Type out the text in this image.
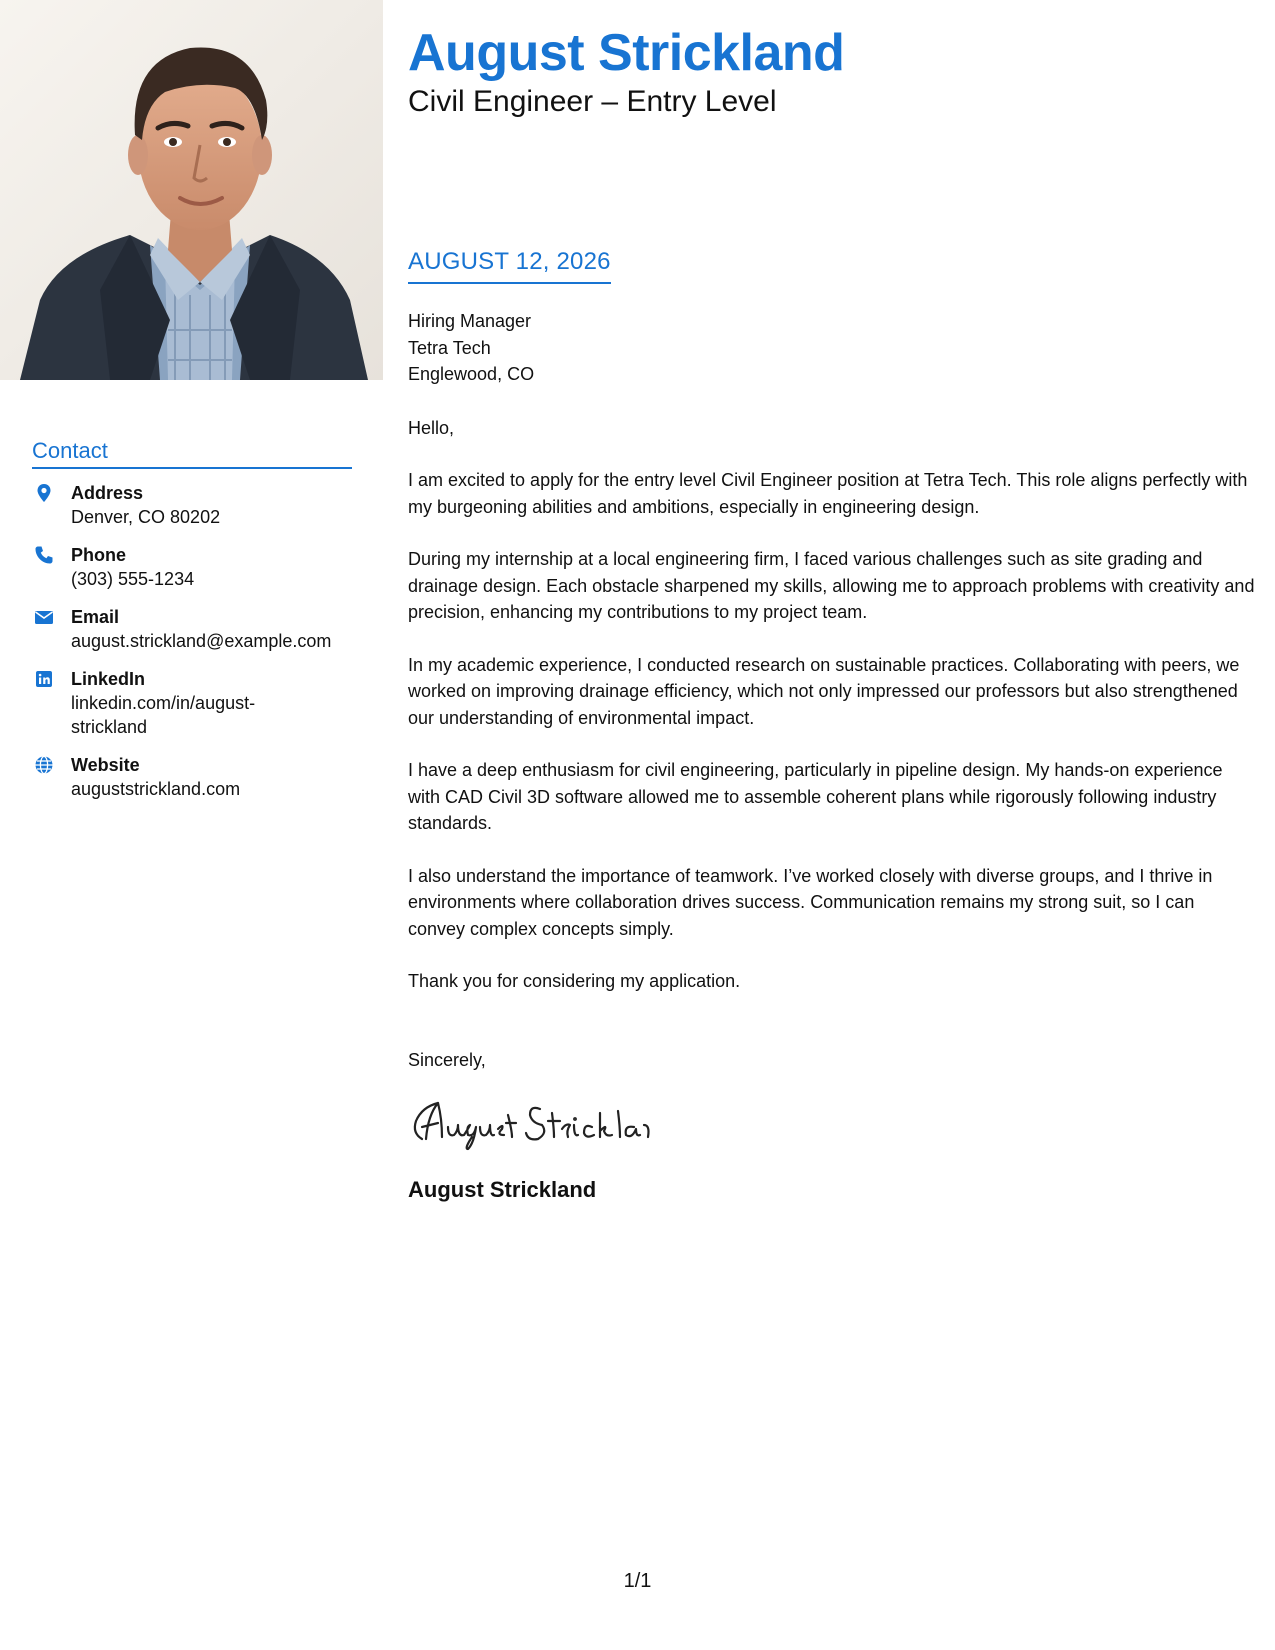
August Strickland
Civil Engineer – Entry Level
Contact
Address
Denver, CO 80202
Phone
(303) 555-1234
Email
august.strickland@example.com
LinkedIn
linkedin.com/in/august-strickland
Website
auguststrickland.com
AUGUST 12, 2026
Hiring Manager
Tetra Tech
Englewood, CO
Hello,
I am excited to apply for the entry level Civil Engineer position at Tetra Tech. This role aligns perfectly with my burgeoning abilities and ambitions, especially in engineering design.
During my internship at a local engineering firm, I faced various challenges such as site grading and drainage design. Each obstacle sharpened my skills, allowing me to approach problems with creativity and precision, enhancing my contributions to my project team.
In my academic experience, I conducted research on sustainable practices. Collaborating with peers, we worked on improving drainage efficiency, which not only impressed our professors but also strengthened our understanding of environmental impact.
I have a deep enthusiasm for civil engineering, particularly in pipeline design. My hands-on experience with CAD Civil 3D software allowed me to assemble coherent plans while rigorously following industry standards.
I also understand the importance of teamwork. I’ve worked closely with diverse groups, and I thrive in environments where collaboration drives success. Communication remains my strong suit, so I can convey complex concepts simply.
Thank you for considering my application.
Sincerely,
August Strickland
1/1
